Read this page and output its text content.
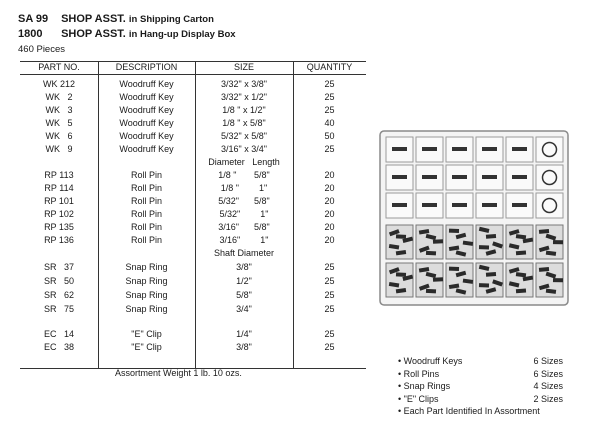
SA 99 SHOP ASST. in Shipping Carton
1800 SHOP ASST. in Hang-up Display Box
460 Pieces
PART NO.	DESCRIPTION	SIZE	QUANTITY
WK 212	Woodruff Key	3/32" x 3/8"	25
WK   2	Woodruff Key	3/32" x 1/2"	25
WK   3	Woodruff Key	1/8 " x 1/2"	25
WK   5	Woodruff Key	1/8 " x 5/8"	40
WK   6	Woodruff Key	5/32" x 5/8"	50
WK   9	Woodruff Key	3/16" x 3/4"	25
Diameter   Length
RP 113	Roll Pin	1/8 "       5/8"	20
RP 114	Roll Pin	1/8 "        1"	20
RP 101	Roll Pin	5/32"      5/8"	20
RP 102	Roll Pin	5/32"        1"	20
RP 135	Roll Pin	3/16"      5/8"	20
RP 136	Roll Pin	3/16"        1"	20
Shaft Diameter
SR   37	Snap Ring	3/8"	25
SR   50	Snap Ring	1/2"	25
SR   62	Snap Ring	5/8"	25
SR   75	Snap Ring	3/4"	25
EC   14	"E" Clip	1/4"	25
EC   38	"E" Clip	3/8"	25
Assortment Weight 1 lb. 10 ozs.
• Woodruff Keys	6 Sizes
• Roll Pins	6 Sizes
• Snap Rings	4 Sizes
• "E" Clips	2 Sizes
• Each Part Identified In Assortment
